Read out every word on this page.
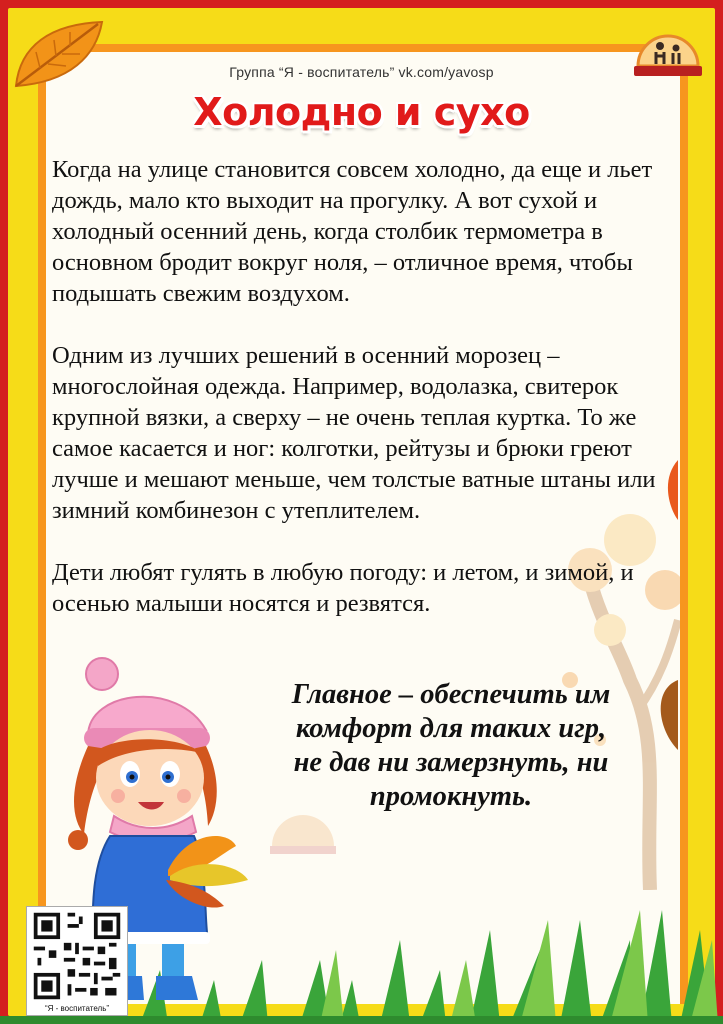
Группа “Я - воспитатель” vk.com/yavosp
Холодно и сухо

Когда на улице становится совсем холодно, да еще и льет дождь, мало кто выходит на прогулку. А вот сухой и холодный осенний день, когда столбик термометра в основном бродит вокруг ноля, – отличное время, чтобы подышать свежим воздухом.

Одним из лучших решений в осенний морозец – многослойная одежда. Например, водолазка, свитерок крупной вязки, а сверху – не очень теплая куртка. То же самое касается и ног: колготки, рейтузы и брюки греют лучше и мешают меньше, чем толстые ватные штаны или зимний комбинезон с утеплителем.

Дети любят гулять в любую погоду: и летом, и зимой, и осенью малыши носятся и резвятся.

Главное – обеспечить им
комфорт для таких игр,
не дав ни замерзнуть, ни
промокнуть.
“Я - воспитатель”
